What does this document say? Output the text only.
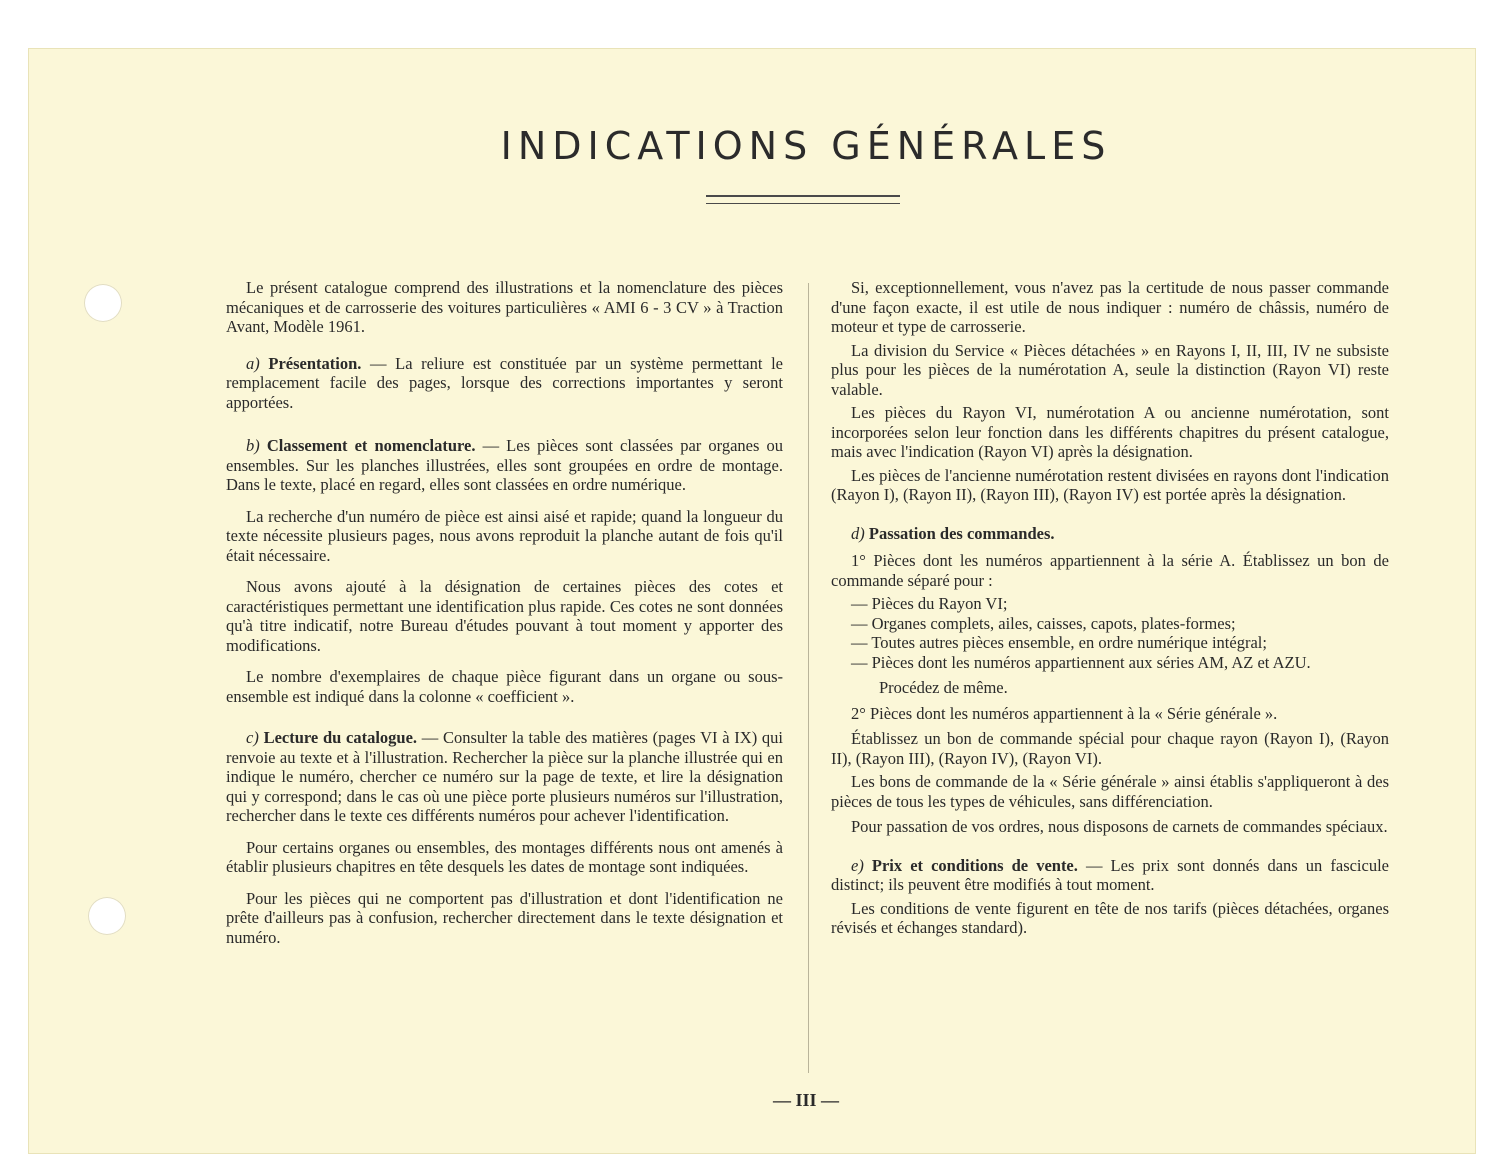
INDICATIONS GÉNÉRALES

Le présent catalogue comprend des illustrations et la nomenclature des pièces mécaniques et de carrosserie des voitures particulières « AMI 6 - 3 CV » à Traction Avant, Modèle 1961.

a) Présentation. — La reliure est constituée par un système permettant le remplacement facile des pages, lorsque des corrections importantes y seront apportées.

b) Classement et nomenclature. — Les pièces sont classées par organes ou ensembles. Sur les planches illustrées, elles sont groupées en ordre de montage. Dans le texte, placé en regard, elles sont classées en ordre numérique.

La recherche d'un numéro de pièce est ainsi aisé et rapide; quand la longueur du texte nécessite plusieurs pages, nous avons reproduit la planche autant de fois qu'il était nécessaire.

Nous avons ajouté à la désignation de certaines pièces des cotes et caractéristiques permettant une identification plus rapide. Ces cotes ne sont données qu'à titre indicatif, notre Bureau d'études pouvant à tout moment y apporter des modifications.

Le nombre d'exemplaires de chaque pièce figurant dans un organe ou sous-ensemble est indiqué dans la colonne « coefficient ».

c) Lecture du catalogue. — Consulter la table des matières (pages VI à IX) qui renvoie au texte et à l'illustration. Rechercher la pièce sur la planche illustrée qui en indique le numéro, chercher ce numéro sur la page de texte, et lire la désignation qui y correspond; dans le cas où une pièce porte plusieurs numéros sur l'illustration, rechercher dans le texte ces différents numéros pour achever l'identification.

Pour certains organes ou ensembles, des montages différents nous ont amenés à établir plusieurs chapitres en tête desquels les dates de montage sont indiquées.

Pour les pièces qui ne comportent pas d'illustration et dont l'identification ne prête d'ailleurs pas à confusion, rechercher directement dans le texte désignation et numéro.

Si, exceptionnellement, vous n'avez pas la certitude de nous passer commande d'une façon exacte, il est utile de nous indiquer : numéro de châssis, numéro de moteur et type de carrosserie.

La division du Service « Pièces détachées » en Rayons I, II, III, IV ne subsiste plus pour les pièces de la numérotation A, seule la distinction (Rayon VI) reste valable.

Les pièces du Rayon VI, numérotation A ou ancienne numérotation, sont incorporées selon leur fonction dans les différents chapitres du présent catalogue, mais avec l'indication (Rayon VI) après la désignation.

Les pièces de l'ancienne numérotation restent divisées en rayons dont l'indication (Rayon I), (Rayon II), (Rayon III), (Rayon IV) est portée après la désignation.

d) Passation des commandes.

1° Pièces dont les numéros appartiennent à la série A. Établissez un bon de commande séparé pour :

— Pièces du Rayon VI;

— Organes complets, ailes, caisses, capots, plates-formes;

— Toutes autres pièces ensemble, en ordre numérique intégral;

— Pièces dont les numéros appartiennent aux séries AM, AZ et AZU.

Procédez de même.

2° Pièces dont les numéros appartiennent à la « Série générale ».

Établissez un bon de commande spécial pour chaque rayon (Rayon I), (Rayon II), (Rayon III), (Rayon IV), (Rayon VI).

Les bons de commande de la « Série générale » ainsi établis s'appliqueront à des pièces de tous les types de véhicules, sans différenciation.

Pour passation de vos ordres, nous disposons de carnets de commandes spéciaux.

e) Prix et conditions de vente. — Les prix sont donnés dans un fascicule distinct; ils peuvent être modifiés à tout moment.

Les conditions de vente figurent en tête de nos tarifs (pièces détachées, organes révisés et échanges standard).

— III —
